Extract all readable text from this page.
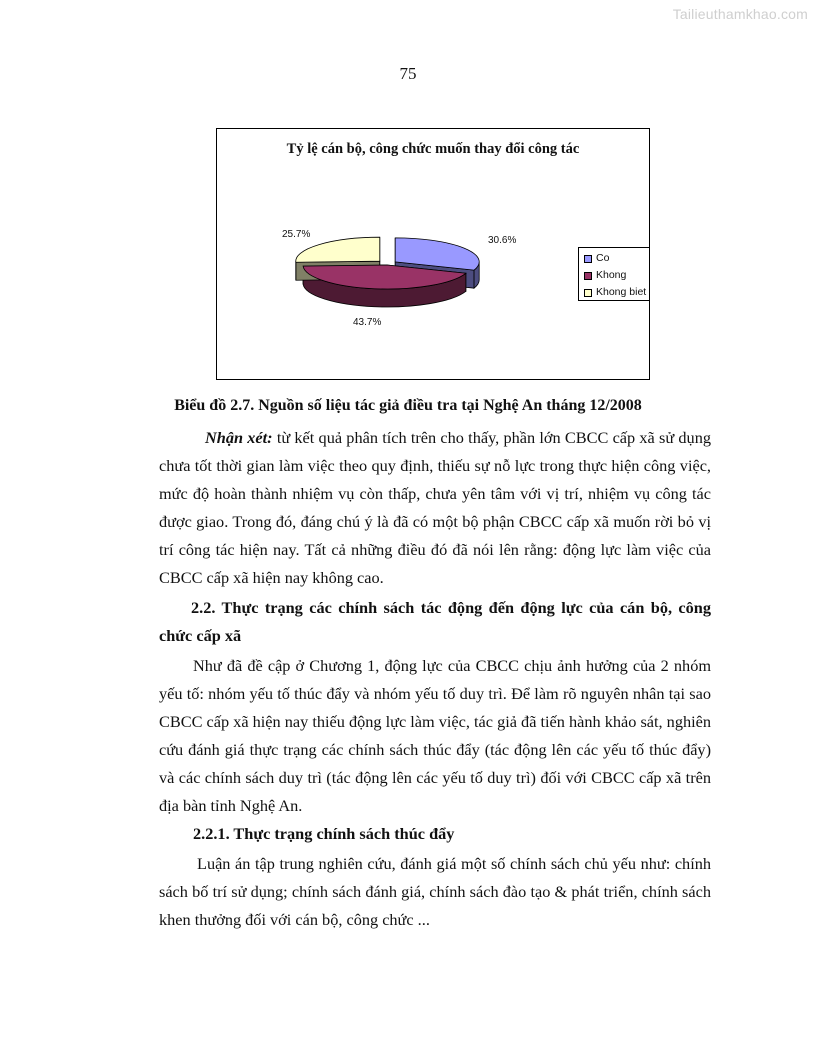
Tailieuthamkhao.com
75
Tỷ lệ cán bộ, công chức muốn thay đổi công tác
30.6%
43.7%
25.7%
Co
Khong
Khong biet
Biểu đồ 2.7. Nguồn số liệu tác giả điều tra tại Nghệ An tháng 12/2008
Nhận xét: từ kết quả phân tích trên cho thấy, phần lớn CBCC cấp xã sử dụng chưa tốt thời gian làm việc theo quy định, thiếu sự nỗ lực trong thực hiện công việc, mức độ hoàn thành nhiệm vụ còn thấp, chưa yên tâm với vị trí, nhiệm vụ công tác được giao. Trong đó, đáng chú ý là đã có một bộ phận CBCC cấp xã muốn rời bỏ vị trí công tác hiện nay. Tất cả những điều đó đã nói lên rằng: động lực làm việc của CBCC cấp xã hiện nay không cao.
2.2. Thực trạng các chính sách tác động đến động lực của cán bộ, công chức cấp xã
Như đã đề cập ở Chương 1, động lực của CBCC chịu ảnh hưởng của 2 nhóm yếu tố: nhóm yếu tố thúc đẩy và nhóm yếu tố duy trì. Để làm rõ nguyên nhân tại sao CBCC cấp xã hiện nay thiếu động lực làm việc, tác giả đã tiến hành khảo sát, nghiên cứu đánh giá thực trạng các chính sách thúc đẩy (tác động lên các yếu tố thúc đẩy) và các chính sách duy trì (tác động lên các yếu tố duy trì) đối với CBCC cấp xã trên địa bàn tỉnh Nghệ An.
2.2.1. Thực trạng chính sách thúc đẩy
Luận án tập trung nghiên cứu, đánh giá một số chính sách chủ yếu như: chính sách bố trí sử dụng; chính sách đánh giá, chính sách đào tạo & phát triển, chính sách khen thưởng đối với cán bộ, công chức ...
